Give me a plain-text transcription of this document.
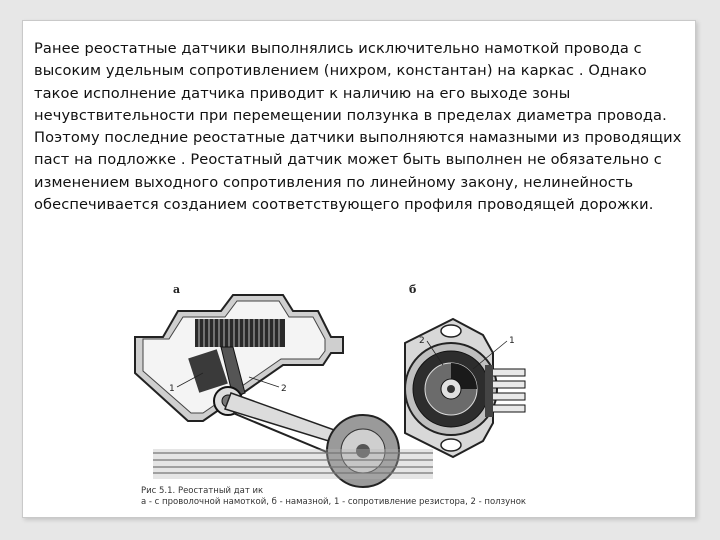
Ранее реостатные датчики выполнялись исключительно намоткой провода с высоким удельным сопротивлением (нихром, константан) на каркас . Однако такое исполнение датчика приводит к наличию на его выходе зоны нечувствительности при перемещении ползунка в пределах диаметра провода.
Поэтому последние реостатные датчики выполняются намазными из проводящих паст на подложке . Реостатный датчик может быть выполнен не обязательно с изменением выходного сопротивления по линейному закону, нелинейность обеспечивается созданием соответствующего профиля проводящей дорожки.
а
1	2
б
2	1
Рис 5.1. Реостатный дат ик
а - с проволочной намоткой, б - намазной, 1 - сопротивление резистора, 2 - ползунок
